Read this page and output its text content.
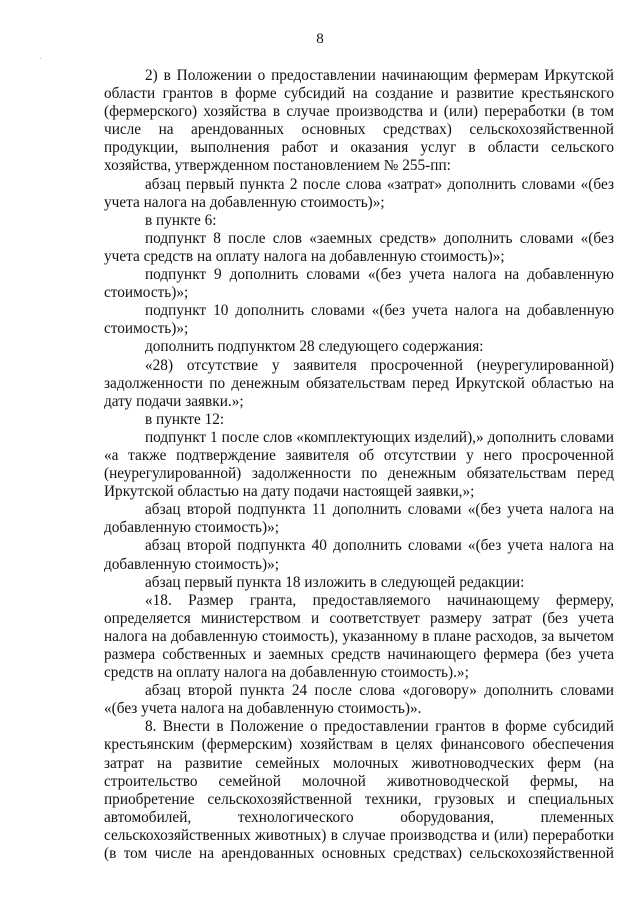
8

2) в Положении о предоставлении начинающим фермерам Иркутской области грантов в форме субсидий на создание и развитие крестьянского (фермерского) хозяйства в случае производства и (или) переработки (в том числе на арендованных основных средствах) сельскохозяйственной продукции, выполнения работ и оказания услуг в области сельского хозяйства, утвержденном постановлением № 255-пп:

абзац первый пункта 2 после слова «затрат» дополнить словами «(без учета налога на добавленную стоимость)»;

в пункте 6:

подпункт 8 после слов «заемных средств» дополнить словами «(без учета средств на оплату налога на добавленную стоимость)»;

подпункт 9 дополнить словами «(без учета налога на добавленную стоимость)»;

подпункт 10 дополнить словами «(без учета налога на добавленную стоимость)»;

дополнить подпунктом 28 следующего содержания:

«28) отсутствие у заявителя просроченной (неурегулированной) задолженности по денежным обязательствам перед Иркутской областью на дату подачи заявки.»;

в пункте 12:

подпункт 1 после слов «комплектующих изделий),» дополнить словами «а также подтверждение заявителя об отсутствии у него просроченной (неурегулированной) задолженности по денежным обязательствам перед Иркутской областью на дату подачи настоящей заявки,»;

абзац второй подпункта 11 дополнить словами «(без учета налога на добавленную стоимость)»;

абзац второй подпункта 40 дополнить словами «(без учета налога на добавленную стоимость)»;

абзац первый пункта 18 изложить в следующей редакции:

«18. Размер гранта, предоставляемого начинающему фермеру, определяется министерством и соответствует размеру затрат (без учета налога на добавленную стоимость), указанному в плане расходов, за вычетом размера собственных и заемных средств начинающего фермера (без учета средств на оплату налога на добавленную стоимость).»;

абзац второй пункта 24 после слова «договору» дополнить словами «(без учета налога на добавленную стоимость)».

8. Внести в Положение о предоставлении грантов в форме субсидий крестьянским (фермерским) хозяйствам в целях финансового обеспечения затрат на развитие семейных молочных животноводческих ферм (на строительство семейной молочной животноводческой фермы, на приобретение сельскохозяйственной техники, грузовых и специальных автомобилей, технологического оборудования, племенных сельскохозяйственных животных) в случае производства и (или) переработки (в том числе на арендованных основных средствах) сельскохозяйственной
